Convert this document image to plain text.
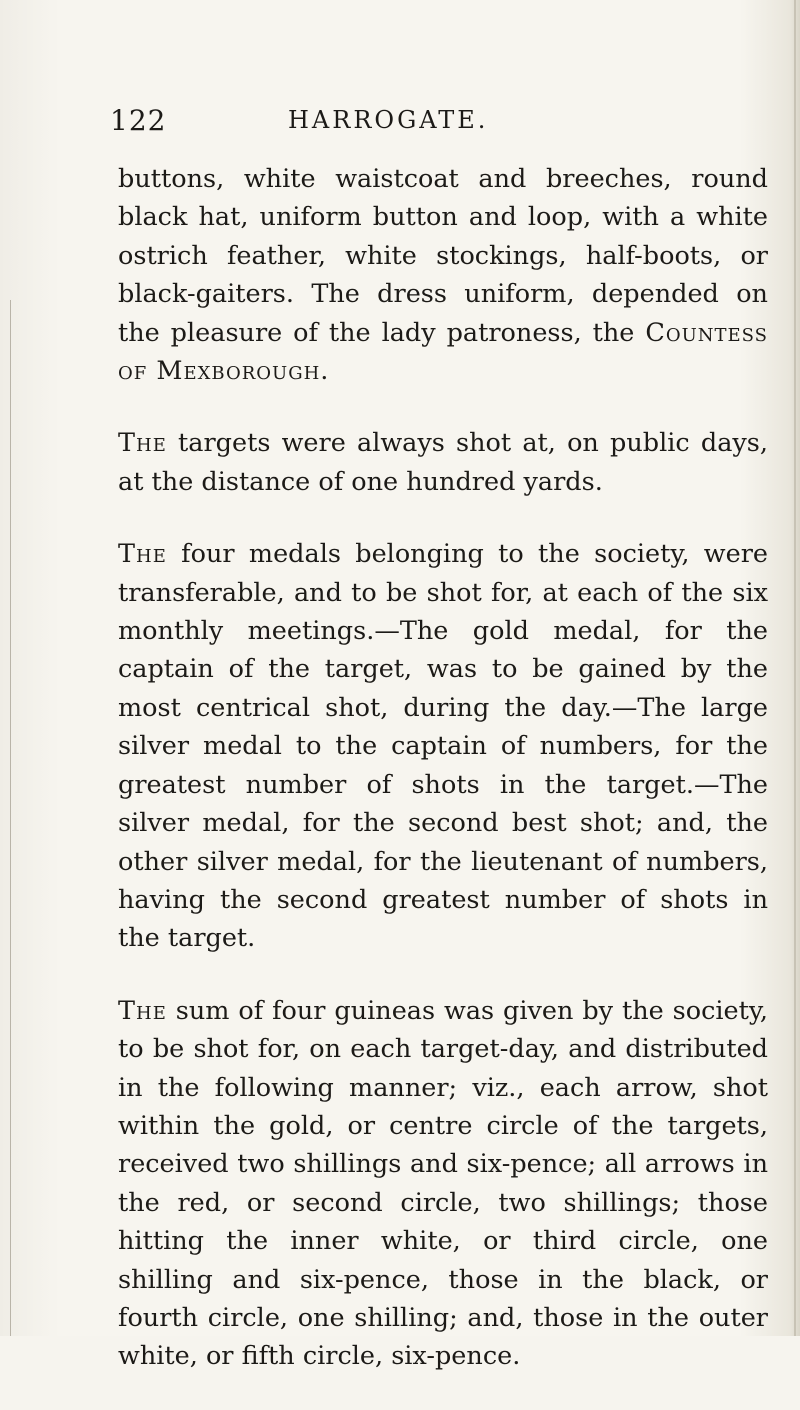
122	HARROGATE.

buttons, white waistcoat and breeches, round black hat, uniform button and loop, with a white ostrich feather, white stockings, half-boots, or black-gaiters. The dress uniform, depended on the pleasure of the lady patroness, the Countess of Mexborough.

The targets were always shot at, on public days, at the distance of one hundred yards.

The four medals belonging to the society, were transferable, and to be shot for, at each of the six monthly meetings.—The gold medal, for the captain of the target, was to be gained by the most centrical shot, during the day.—The large silver medal to the captain of numbers, for the greatest number of shots in the target.—The silver medal, for the second best shot; and, the other silver medal, for the lieutenant of numbers, having the second greatest number of shots in the target.

The sum of four guineas was given by the society, to be shot for, on each target-day, and distributed in the following manner; viz., each arrow, shot within the gold, or centre circle of the targets, received two shillings and six-pence; all arrows in the red, or second circle, two shillings; those hitting the inner white, or third circle, one shilling and six-pence, those in the black, or fourth circle, one shilling; and, those in the outer white, or fifth circle, six-pence.
